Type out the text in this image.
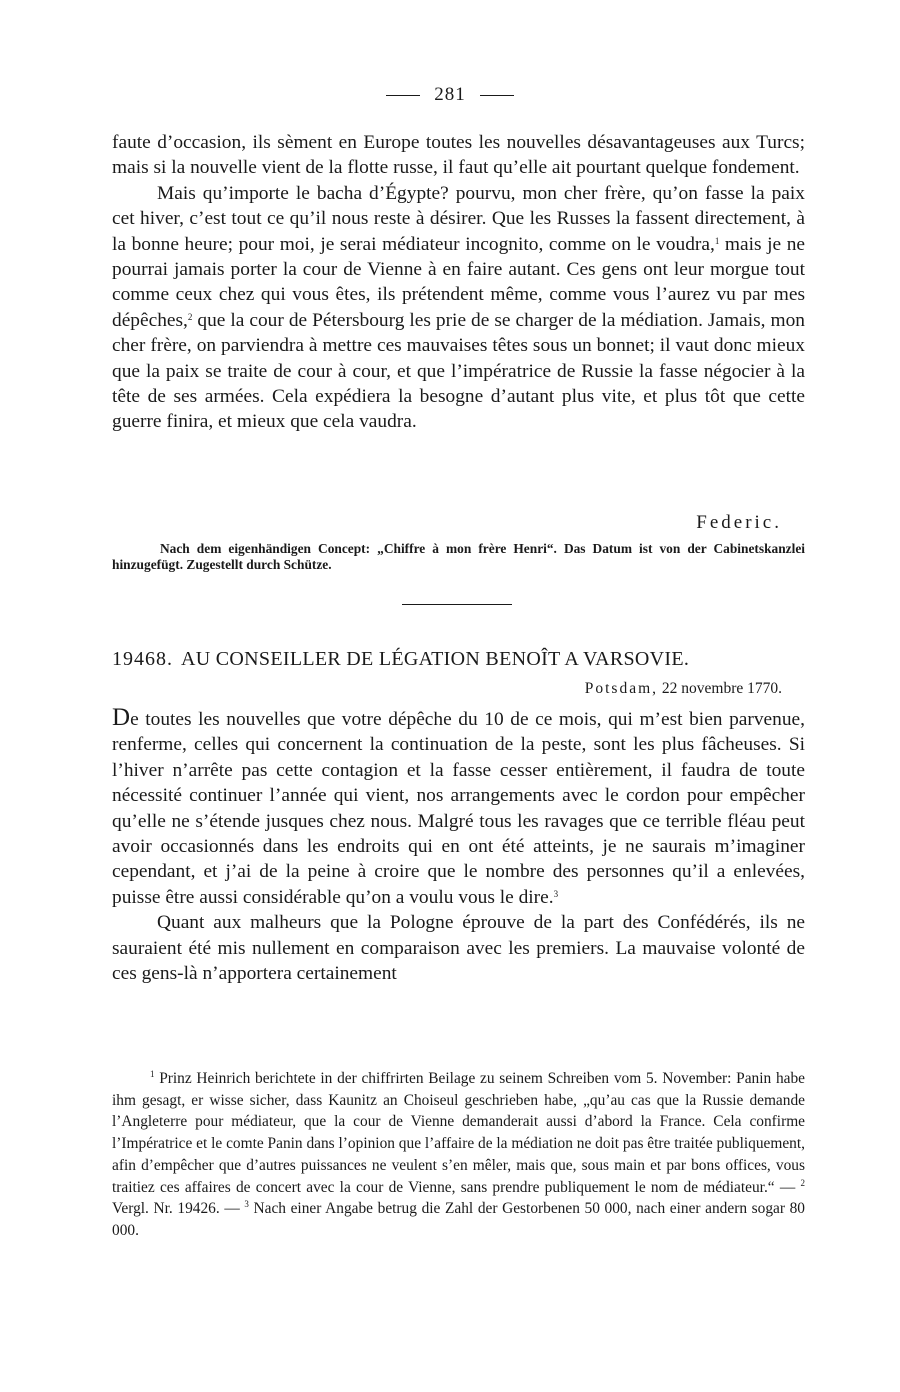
281

faute d’occasion, ils sèment en Europe toutes les nouvelles désavantageuses aux Turcs; mais si la nouvelle vient de la flotte russe, il faut qu’elle ait pourtant quelque fondement.

Mais qu’importe le bacha d’Égypte? pourvu, mon cher frère, qu’on fasse la paix cet hiver, c’est tout ce qu’il nous reste à désirer. Que les Russes la fassent directement, à la bonne heure; pour moi, je serai médiateur incognito, comme on le voudra,$^1$ mais je ne pourrai jamais porter la cour de Vienne à en faire autant. Ces gens ont leur morgue tout comme ceux chez qui vous êtes, ils prétendent même, comme vous l’aurez vu par mes dépêches,$^2$ que la cour de Pétersbourg les prie de se charger de la médiation. Jamais, mon cher frère, on parviendra à mettre ces mauvaises têtes sous un bonnet; il vaut donc mieux que la paix se traite de cour à cour, et que l’impératrice de Russie la fasse négocier à la tête de ses armées. Cela expédiera la besogne d’autant plus vite, et plus tôt que cette guerre finira, et mieux que cela vaudra.

Federic.

Nach dem eigenhändigen Concept: „Chiffre à mon frère Henri“. Das Datum ist von der Cabinetskanzlei hinzugefügt. Zugestellt durch Schütze.

19468. AU CONSEILLER DE LÉGATION BENOÎT A VARSOVIE.
Potsdam, 22 novembre 1770.

De toutes les nouvelles que votre dépêche du 10 de ce mois, qui m’est bien parvenue, renferme, celles qui concernent la continuation de la peste, sont les plus fâcheuses. Si l’hiver n’arrête pas cette contagion et la fasse cesser entièrement, il faudra de toute nécessité continuer l’année qui vient, nos arrangements avec le cordon pour empêcher qu’elle ne s’étende jusques chez nous. Malgré tous les ravages que ce terrible fléau peut avoir occasionnés dans les endroits qui en ont été atteints, je ne saurais m’imaginer cependant, et j’ai de la peine à croire que le nombre des personnes qu’il a enlevées, puisse être aussi considérable qu’on a voulu vous le dire.$^3$

Quant aux malheurs que la Pologne éprouve de la part des Confédérés, ils ne sauraient été mis nullement en comparaison avec les premiers. La mauvaise volonté de ces gens-là n’apportera certainement

$^1$ Prinz Heinrich berichtete in der chiffrirten Beilage zu seinem Schreiben vom 5. November: Panin habe ihm gesagt, er wisse sicher, dass Kaunitz an Choiseul geschrieben habe, „qu’au cas que la Russie demande l’Angleterre pour médiateur, que la cour de Vienne demanderait aussi d’abord la France. Cela confirme l’Impératrice et le comte Panin dans l’opinion que l’affaire de la médiation ne doit pas être traitée publiquement, afin d’empêcher que d’autres puissances ne veulent s’en mêler, mais que, sous main et par bons offices, vous traitiez ces affaires de concert avec la cour de Vienne, sans prendre publiquement le nom de médiateur.“ — $^2$ Vergl. Nr. 19426. — $^3$ Nach einer Angabe betrug die Zahl der Gestorbenen 50 000, nach einer andern sogar 80 000.
